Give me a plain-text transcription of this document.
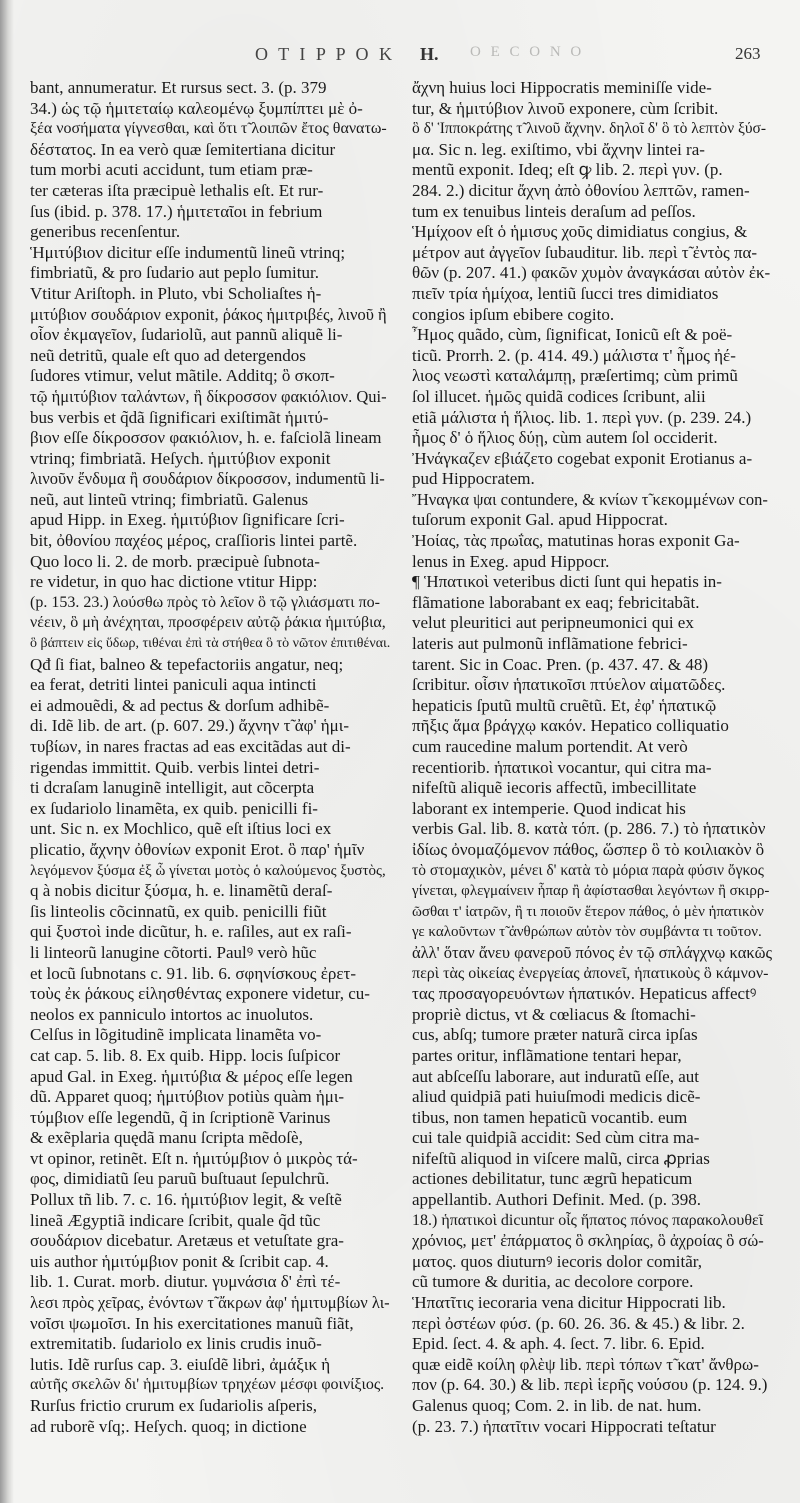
O T I P P O K H. O E C O N O	263
bant, annumeratur. Et rursus sect. 3. (p. 379
34.) ὡς τῷ ἡμιτεταίῳ καλεομένῳ ξυμπίπτει μὲ ὀ-
ξέα νοσήματα γίγνεσθαι, καὶ ὅτι τ̃ λοιπῶν ἔτος θανατω-
δέστατος. In ea verò quæ ſemitertiana dicitur
tum morbi acuti accidunt, tum etiam præ-
ter cæteras iſta præcipuè lethalis eſt. Et rur-
ſus (ibid. p. 378. 17.) ἡμιτεταῖοι in febrium
generibus recenſentur.
Ἡμιτύβιον dicitur eſſe indumentũ lineũ vtrinq;
fimbriatũ, & pro ſudario aut peplo ſumitur.
Vtitur Ariſtoph. in Pluto, vbi Scholiaſtes ἡ-
μιτύβιον σουδάριον exponit, ῥάκος ἡμιτριβές, λινοῦ ἢ
οἷον ἐκμαγεῖον, ſudariolũ, aut pannũ aliquẽ li-
neũ detritũ, quale eſt quo ad detergendos
ſudores vtimur, velut mãtile. Additq; ὃ σκοπ-
τῷ ἡμιτύβιον ταλάντων, ἢ δίκροσσον φακιόλιον. Qui-
bus verbis et q̃dã ſignificari exiſtimãt ἡμιτύ-
βιον eſſe δίκροσσον φακιόλιον, h. e. faſciolã lineam
vtrinq; fimbriatã. Heſych. ἡμιτύβιον exponit
λινοῦν ἔνδυμα ἢ σουδάριον δίκροσσον, indumentũ li-
neũ, aut linteũ vtrinq; fimbriatũ. Galenus
apud Hipp. in Exeg. ἡμιτύβιον ſignificare ſcri-
bit, ὀθονίου παχέος μέρος, craſſioris lintei partẽ.
Quo loco li. 2. de morb. præcipuè ſubnota-
re videtur, in quo hac dictione vtitur Hipp:
(p. 153. 23.) λούσθω πρὸς τὸ λεῖον ὃ τῷ γλιάσματι πο-
νέειν, ὃ μὴ ἀνέχηται, προσφέρειν αὐτῷ ῥάκια ἡμιτύβια,
ὃ βάπτειν εἰς ὕδωρ, τιθέναι ἐπὶ τὰ στήθεα ὃ τὸ νῶτον ἐπιτιθέναι.
Qđ ſi fiat, balneo & tepefactoriis angatur, neq;
ea ferat, detriti lintei paniculi aqua intincti
ei admouẽdi, & ad pectus & dorſum adhibẽ-
di. Idẽ lib. de art. (p. 607. 29.) ἄχνην τ̃ ἀφ' ἡμι-
τυβίων, in nares fractas ad eas excitãdas aut di-
rigendas immittit. Quib. verbis lintei detri-
ti dcraſam lanuginẽ intelligit, aut cõcerpta
ex ſudariolo linamẽta, ex quib. penicilli fi-
unt. Sic n. ex Mochlico, quẽ eſt iſtius loci ex
plicatio, ἄχνην ὀθονίων exponit Erot. ὃ παρ' ἡμῖν
λεγόμενον ξύσμα ἐξ ὧ γίνεται μοτὸς ὁ καλούμενος ξυστὸς,
q à nobis dicitur ξύσμα, h. e. linamẽtũ deraſ-
ſis linteolis cõcinnatũ, ex quib. penicilli fiũt
qui ξυστοὶ inde dicũtur, h. e. raſiles, aut ex raſi-
li linteorũ lanugine cõtorti. Paulꝰ verò hũc
et locũ ſubnotans c. 91. lib. 6. σφηνίσκους ἐρετ-
τοὺς ἐκ ῥάκους εἱλησθέντας exponere videtur, cu-
neolos ex panniculo intortos ac inuolutos.
Celſus in lõgitudinẽ implicata linamẽta vo-
cat cap. 5. lib. 8. Ex quib. Hipp. locis ſuſpicor
apud Gal. in Exeg. ἡμιτύβια & μέρος eſſe legen
dũ. Apparet quoq; ἡμιτύβιον potiùs quàm ἡμι-
τύμβιον eſſe legendũ, q̃ in ſcriptionẽ Varinus
& exẽplaria quędã manu ſcripta mẽdoſè,
vt opinor, retinẽt. Eſt n. ἡμιτύμβιον ὁ μικρὸς τά-
φος, dimidiatũ ſeu paruũ buſtuaut ſepulchrũ.
Pollux tñ lib. 7. c. 16. ἡμιτύβιον legit, & veſtẽ
lineã Ægyptiã indicare ſcribit, quale q̃d tũc
σουδάριον dicebatur. Aretæus et vetuſtate gra-
uis author ἡμιτύμβιον ponit & ſcribit cap. 4.
lib. 1. Curat. morb. diutur. γυμνάσια δ' ἐπὶ τέ-
λεσι πρὸς χεῖρας, ἐνόντων τ̃ ἄκρων ἀφ' ἡμιτυμβίων λι-
νοῖσι ψωμοῖσι. In his exercitationes manuũ fiãt,
extremitatib. ſudariolo ex linis crudis inuõ-
lutis. Idẽ rurſus cap. 3. eiuſdẽ libri, ἀμάξικ ἡ
αὐτῆς σκελῶν δι' ἡμιτυμβίων τρηχέων μέσφι φοινίξιος.
Rurſus frictio crurum ex ſudariolis aſperis,
ad ruborẽ vſq;. Heſych. quoq; in dictione
ἄχνη huius loci Hippocratis meminiſſe vide-
tur, & ἡμιτύβιον λινοῦ exponere, cùm ſcribit.
ὃ δ' Ἱπποκράτης τ̃ λινοῦ ἄχνην. δηλοῖ δ' ὃ τὸ λεπτὸν ξύσ-
μα. Sic n. leg. exiſtimo, vbi ἄχνην lintei ra-
mentũ exponit. Ideq; eſt ꝙ lib. 2. περὶ γυν. (p.
284. 2.) dicitur ἄχνη ἀπὸ ὀθονίου λεπτῶν, ramen-
tum ex tenuibus linteis deraſum ad peſſos.
Ἡμίχοον eſt ὁ ἡμισυς χοῦς dimidiatus congius, &
μέτρον aut ἀγγεῖον ſubauditur. lib. περὶ τ̃ ἐντὸς πα-
θῶν (p. 207. 41.) φακῶν χυμὸν ἀναγκάσαι αὐτὸν ἐκ-
πιεῖν τρία ἡμίχοα, lentiũ ſucci tres dimidiatos
congios ipſum ebibere cogito.
Ἦμος quãdo, cùm, ſignificat, Ionicũ eſt & poë-
ticũ. Prorrh. 2. (p. 414. 49.) μάλιστα τ' ἦμος ἠέ-
λιος νεωστὶ καταλάμπῃ, præſertimq; cùm primũ
ſol illucet. ἡμῶς quidã codices ſcribunt, alii
etiã μάλιστα ἡ ἥλιος. lib. 1. περὶ γυν. (p. 239. 24.)
ἦμος δ' ὁ ἥλιος δύῃ, cùm autem ſol occiderit.
Ἠνάγκαζεν εβιάζετο cogebat exponit Erotianus a-
pud Hippocratem.
Ἤναγκα ψαι contundere, & κνίων τ̃ κεκομμένων con-
tuſorum exponit Gal. apud Hippocrat.
Ἠοίας, τὰς πρωΐας, matutinas horas exponit Ga-
lenus in Exeg. apud Hippocr.
¶ Ἡπατικοὶ veteribus dicti ſunt qui hepatis in-
flãmatione laborabant ex eaq; febricitabãt.
velut pleuritici aut peripneumonici qui ex
lateris aut pulmonũ inflãmatione febrici-
tarent. Sic in Coac. Pren. (p. 437. 47. & 48)
ſcribitur. οἷσιν ἡπατικοῖσι πτύελον αἱματῶδες.
hepaticis ſputũ multũ cruẽtũ. Et, ἐφ' ἡπατικῷ
πῆξις ἅμα βράγχῳ κακόν. Hepatico colliquatio
cum raucedine malum portendit. At verò
recentiorib. ἡπατικοὶ vocantur, qui citra ma-
nifeſtũ aliquẽ iecoris affectũ, imbecillitate
laborant ex intemperie. Quod indicat his
verbis Gal. lib. 8. κατὰ τόπ. (p. 286. 7.) τὸ ἡπατικὸν
ἰδίως ὀνομαζόμενον πάθος, ὥσπερ ὃ τὸ κοιλιακὸν ὃ
τὸ στομαχικὸν, μένει δ' κατὰ τὸ μόρια παρὰ φύσιν ὄγκος
γίνεται, φλεγμαίνειν ἧπαρ ἢ ἀφίστασθαι λεγόντων ἢ σκιρρ-
ῶσθαι τ' ἰατρῶν, ἢ τι ποιοῦν ἕτερον πάθος, ὁ μὲν ἡπατικὸν
γε καλοῦντων τ̃ ἀνθρώπων αὐτὸν τὸν συμβάντα τι τοῦτον.
ἀλλ' ὅταν ἄνευ φανεροῦ πόνος ἐν τῷ σπλάγχνῳ κακῶς
περὶ τὰς οἰκείας ἐνεργείας ἀπονεῖ, ἡπατικοὺς ὃ κάμνον-
τας προσαγορευόντων ἡπατικόν. Hepaticus affectꝰ
propriè dictus, vt & cœliacus & ſtomachi-
cus, abſq; tumore præter naturã circa ipſas
partes oritur, inflãmatione tentari hepar,
aut abſceſſu laborare, aut induratũ eſſe, aut
aliud quidpiã pati huiuſmodi medicis dicẽ-
tibus, non tamen hepaticũ vocantib. eum
cui tale quidpiã accidit: Sed cùm citra ma-
nifeſtũ aliquod in viſcere malũ, circa ꝓprias
actiones debilitatur, tunc ægrũ hepaticum
appellantib. Authori Definit. Med. (p. 398.
18.) ἡπατικοὶ dicuntur οἷς ἥπατος πόνος παρακολουθεῖ
χρόνιος, μετ' ἐπάρματος ὃ σκληρίας, ὃ ἀχροίας ὃ σώ-
ματος. quos diuturnꝰ iecoris dolor comitãr,
cũ tumore & duritia, ac decolore corpore.
Ἡπατῖτις iecoraria vena dicitur Hippocrati lib.
περὶ ὀστέων φύσ. (p. 60. 26. 36. & 45.) & libr. 2.
Epid. ſect. 4. & aph. 4. ſect. 7. libr. 6. Epid.
quæ eidẽ κοίλη φλὲψ lib. περὶ τόπων τ̃ κατ' ἄνθρω-
πον (p. 64. 30.) & lib. περὶ ἱερῆς νούσου (p. 124. 9.)
Galenus quoq; Com. 2. in lib. de nat. hum.
(p. 23. 7.) ἡπατῖτιν vocari Hippocrati teſtatur
